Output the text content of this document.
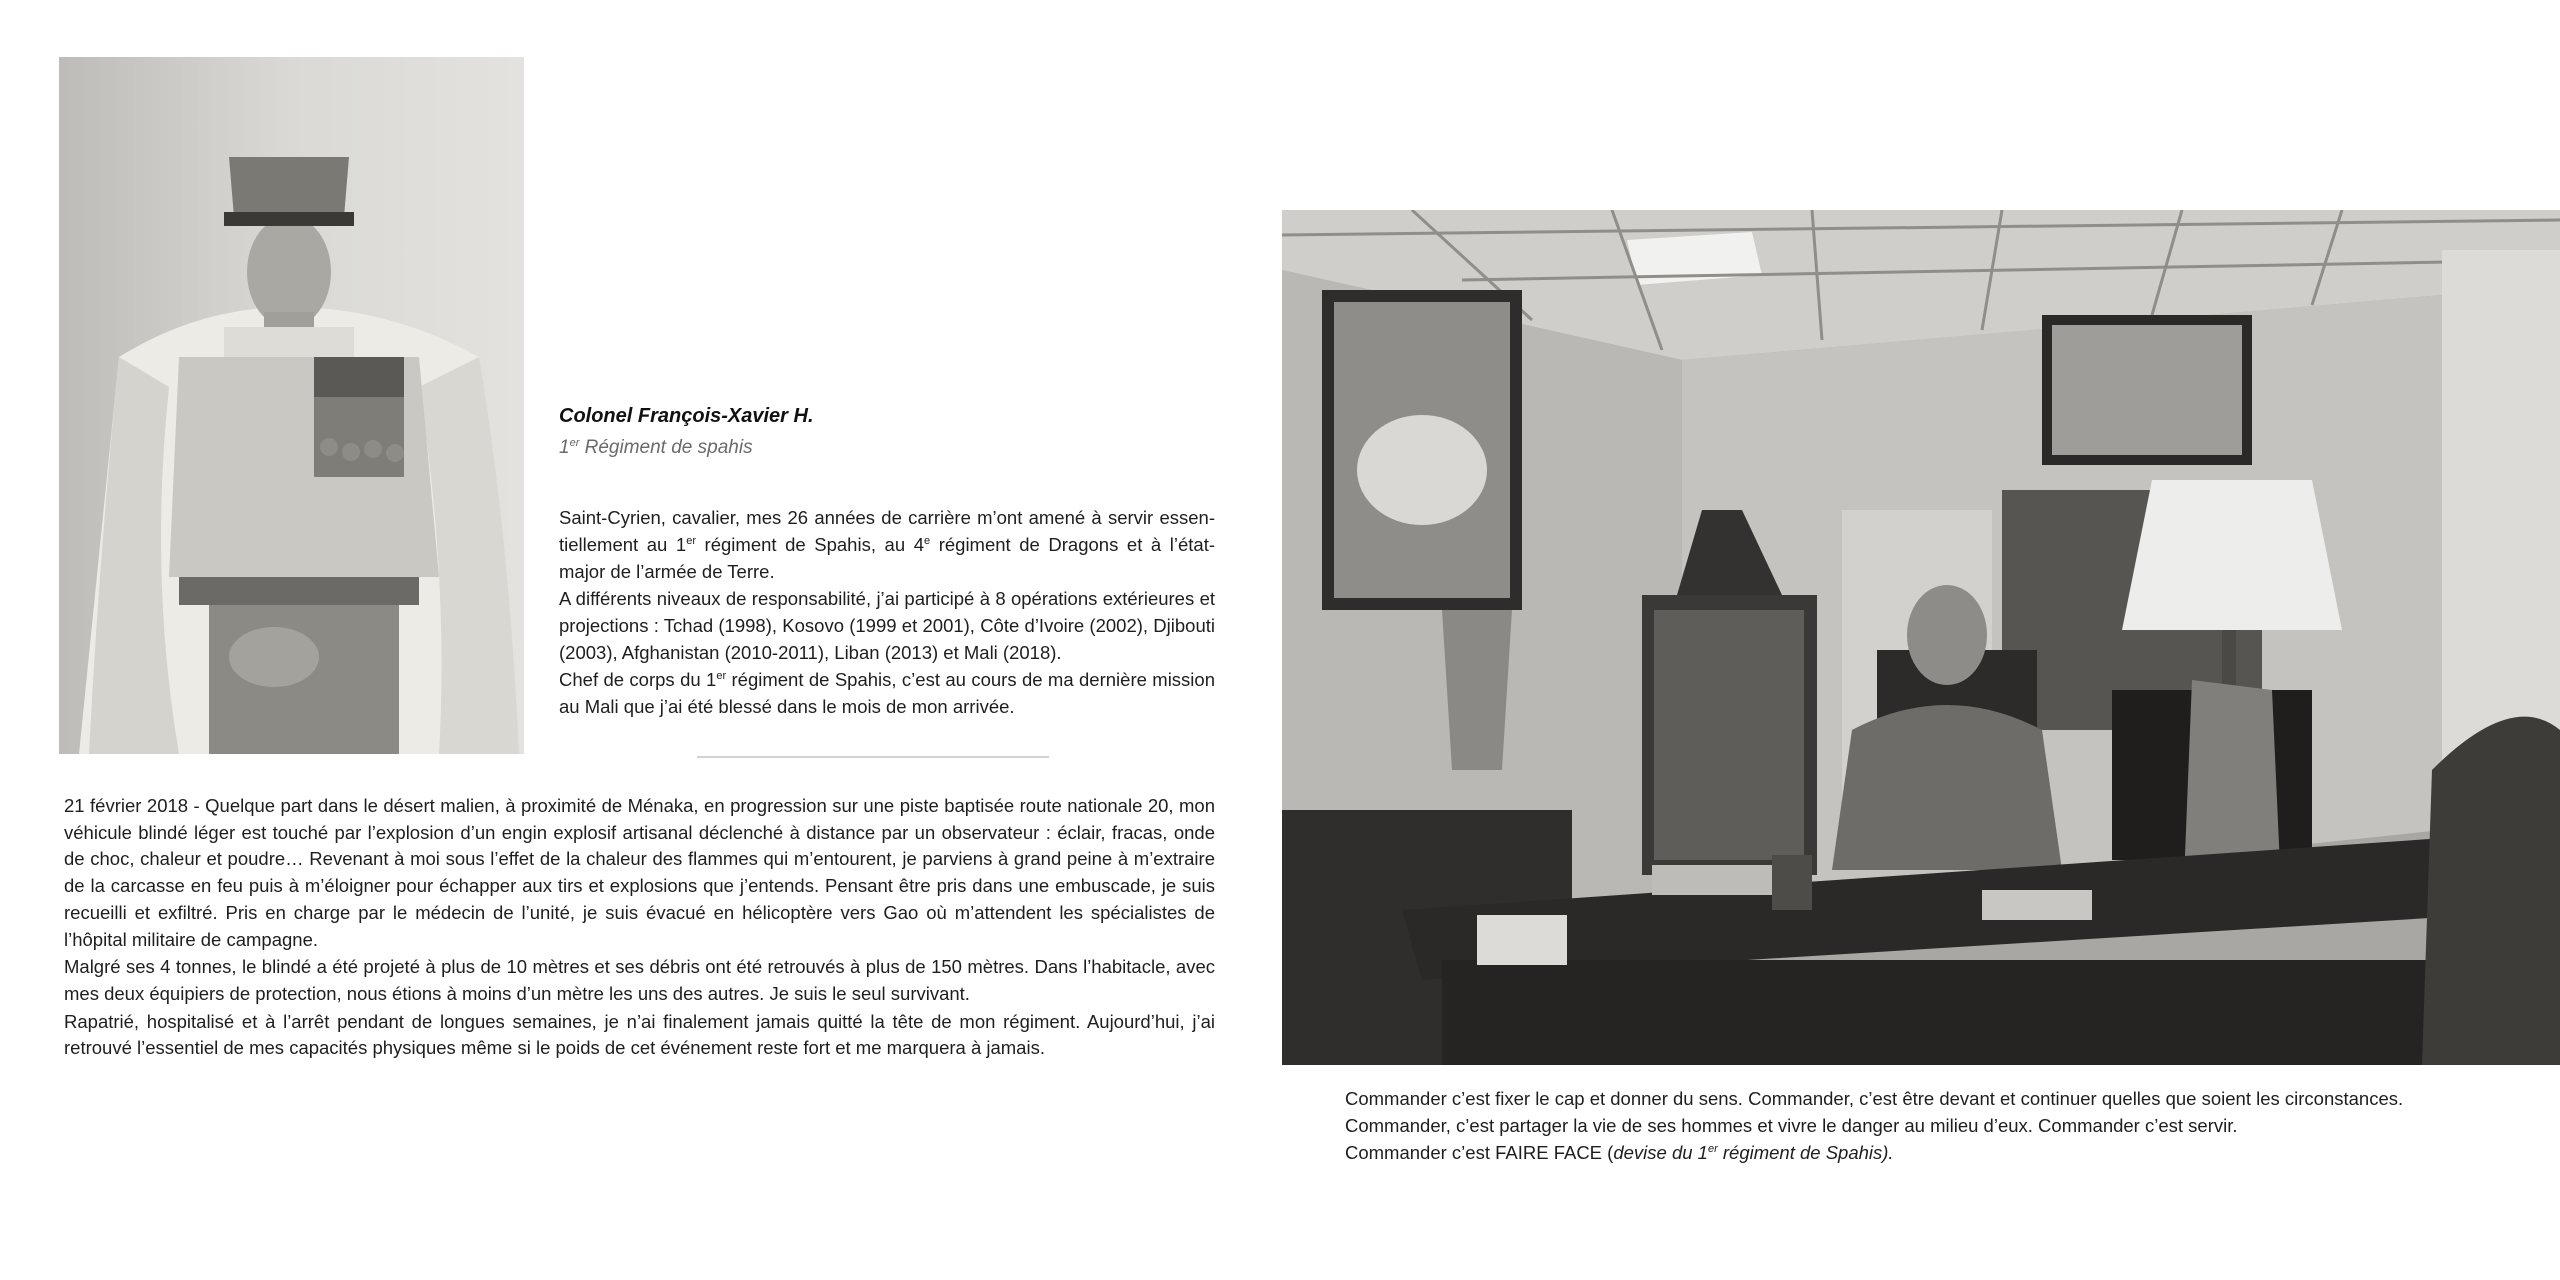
Colonel François-Xavier H.
1er Régiment de spahis

Saint-Cyrien, cavalier, mes 26 années de carrière m’ont amené à servir essen-tiellement au 1er régiment de Spahis, au 4e régiment de Dragons et à l’état-major de l’armée de Terre.

A différents niveaux de responsabilité, j’ai participé à 8 opérations extérieures et projections : Tchad (1998), Kosovo (1999 et 2001), Côte d’Ivoire (2002), Djibouti (2003), Afghanistan (2010-2011), Liban (2013) et Mali (2018).

Chef de corps du 1er régiment de Spahis, c’est au cours de ma dernière mission au Mali que j’ai été blessé dans le mois de mon arrivée.

21 février 2018 - Quelque part dans le désert malien, à proximité de Ménaka, en progression sur une piste baptisée route nationale 20, mon véhicule blindé léger est touché par l’explosion d’un engin explosif artisanal déclenché à distance par un observateur : éclair, fracas, onde de choc, chaleur et poudre… Revenant à moi sous l’effet de la chaleur des flammes qui m’entourent, je parviens à grand peine à m’extraire de la carcasse en feu puis à m’éloigner pour échapper aux tirs et explosions que j’entends. Pensant être pris dans une embuscade, je suis recueilli et exfiltré. Pris en charge par le médecin de l’unité, je suis évacué en hélicoptère vers Gao où m’attendent les spécialistes de l’hôpital militaire de campagne.

Malgré ses 4 tonnes, le blindé a été projeté à plus de 10 mètres et ses débris ont été retrouvés à plus de 150 mètres. Dans l’habitacle, avec mes deux équipiers de protection, nous étions à moins d’un mètre les uns des autres. Je suis le seul survivant.

Rapatrié, hospitalisé et à l’arrêt pendant de longues semaines, je n’ai finalement jamais quitté la tête de mon régiment. Aujourd’hui, j’ai retrouvé l’essentiel de mes capacités physiques même si le poids de cet événement reste fort et me marquera à jamais.

Commander c’est fixer le cap et donner du sens. Commander, c’est être devant et continuer quelles que soient les circonstances.

Commander, c’est partager la vie de ses hommes et vivre le danger au milieu d’eux. Commander c’est servir.

Commander c’est FAIRE FACE (devise du 1er régiment de Spahis).
